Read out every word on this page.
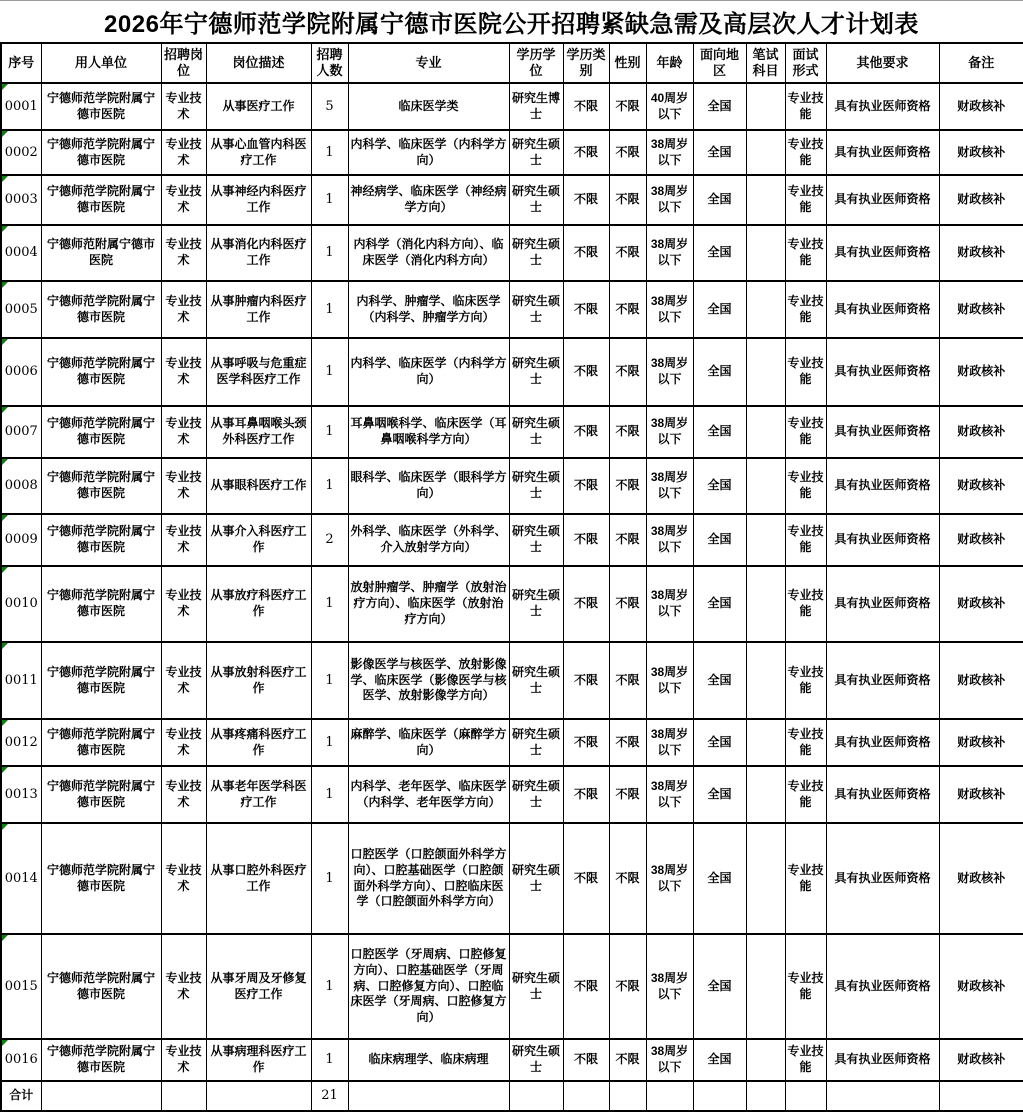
2026年宁德师范学院附属宁德市医院公开招聘紧缺急需及高层次人才计划表
序号	用人单位	招聘岗位	岗位描述	招聘人数	专业	学历学位	学历类别	性别	年龄	面向地区	笔试科目	面试形式	其他要求	备注
0001	宁德师范学院附属宁德市医院	专业技术	从事医疗工作	5	临床医学类	研究生博士	不限	不限	40周岁以下	全国		专业技能	具有执业医师资格	财政核补
0002	宁德师范学院附属宁德市医院	专业技术	从事心血管内科医疗工作	1	内科学、临床医学（内科学方向）	研究生硕士	不限	不限	38周岁以下	全国		专业技能	具有执业医师资格	财政核补
0003	宁德师范学院附属宁德市医院	专业技术	从事神经内科医疗工作	1	神经病学、临床医学（神经病学方向）	研究生硕士	不限	不限	38周岁以下	全国		专业技能	具有执业医师资格	财政核补
0004	宁德师范附属宁德市医院	专业技术	从事消化内科医疗工作	1	内科学（消化内科方向）、临床医学（消化内科方向）	研究生硕士	不限	不限	38周岁以下	全国		专业技能	具有执业医师资格	财政核补
0005	宁德师范学院附属宁德市医院	专业技术	从事肿瘤内科医疗工作	1	内科学、肿瘤学、临床医学（内科学、肿瘤学方向）	研究生硕士	不限	不限	38周岁以下	全国		专业技能	具有执业医师资格	财政核补
0006	宁德师范学院附属宁德市医院	专业技术	从事呼吸与危重症医学科医疗工作	1	内科学、临床医学（内科学方向）	研究生硕士	不限	不限	38周岁以下	全国		专业技能	具有执业医师资格	财政核补
0007	宁德师范学院附属宁德市医院	专业技术	从事耳鼻咽喉头颈外科医疗工作	1	耳鼻咽喉科学、临床医学（耳鼻咽喉科学方向）	研究生硕士	不限	不限	38周岁以下	全国		专业技能	具有执业医师资格	财政核补
0008	宁德师范学院附属宁德市医院	专业技术	从事眼科医疗工作	1	眼科学、临床医学（眼科学方向）	研究生硕士	不限	不限	38周岁以下	全国		专业技能	具有执业医师资格	财政核补
0009	宁德师范学院附属宁德市医院	专业技术	从事介入科医疗工作	2	外科学、临床医学（外科学、介入放射学方向）	研究生硕士	不限	不限	38周岁以下	全国		专业技能	具有执业医师资格	财政核补
0010	宁德师范学院附属宁德市医院	专业技术	从事放疗科医疗工作	1	放射肿瘤学、肿瘤学（放射治疗方向）、临床医学（放射治疗方向）	研究生硕士	不限	不限	38周岁以下	全国		专业技能	具有执业医师资格	财政核补
0011	宁德师范学院附属宁德市医院	专业技术	从事放射科医疗工作	1	影像医学与核医学、放射影像学、临床医学（影像医学与核医学、放射影像学方向）	研究生硕士	不限	不限	38周岁以下	全国		专业技能	具有执业医师资格	财政核补
0012	宁德师范学院附属宁德市医院	专业技术	从事疼痛科医疗工作	1	麻醉学、临床医学（麻醉学方向）	研究生硕士	不限	不限	38周岁以下	全国		专业技能	具有执业医师资格	财政核补
0013	宁德师范学院附属宁德市医院	专业技术	从事老年医学科医疗工作	1	内科学、老年医学、临床医学（内科学、老年医学方向）	研究生硕士	不限	不限	38周岁以下	全国		专业技能	具有执业医师资格	财政核补
0014	宁德师范学院附属宁德市医院	专业技术	从事口腔外科医疗工作	1	口腔医学（口腔颌面外科学方向）、口腔基础医学（口腔颌面外科学方向）、口腔临床医学（口腔颌面外科学方向）	研究生硕士	不限	不限	38周岁以下	全国		专业技能	具有执业医师资格	财政核补
0015	宁德师范学院附属宁德市医院	专业技术	从事牙周及牙修复医疗工作	1	口腔医学（牙周病、口腔修复方向）、口腔基础医学（牙周病、口腔修复方向）、口腔临床医学（牙周病、口腔修复方向）	研究生硕士	不限	不限	38周岁以下	全国		专业技能	具有执业医师资格	财政核补
0016	宁德师范学院附属宁德市医院	专业技术	从事病理科医疗工作	1	临床病理学、临床病理	研究生硕士	不限	不限	38周岁以下	全国		专业技能	具有执业医师资格	财政核补
合计				21										
